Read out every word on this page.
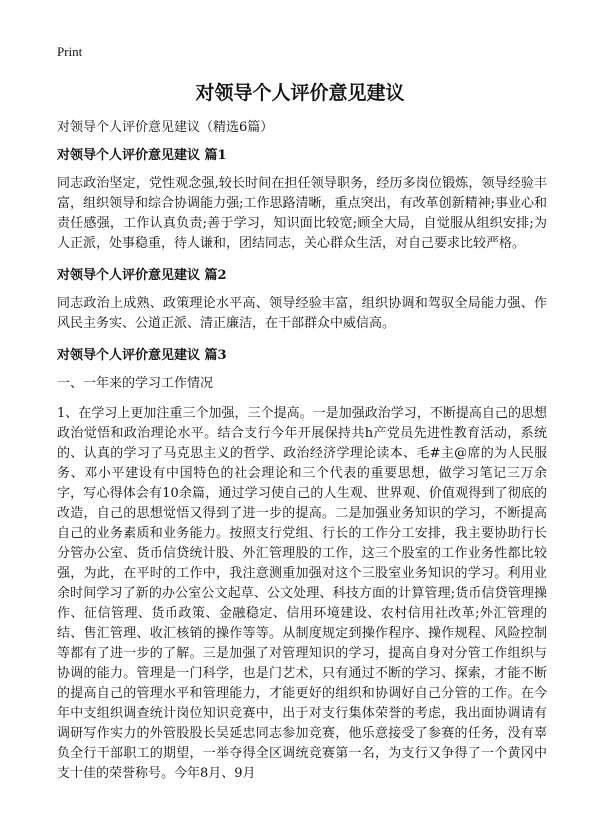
Print
对领导个人评价意见建议
对领导个人评价意见建议（精选6篇）
对领导个人评价意见建议 篇1
同志政治坚定，党性观念强,较长时间在担任领导职务，经历多岗位锻炼，领导经验丰富，组织领导和综合协调能力强;工作思路清晰，重点突出，有改革创新精神;事业心和责任感强，工作认真负责;善于学习，知识面比较宽;顾全大局，自觉服从组织安排;为人正派，处事稳重，待人谦和，团结同志，关心群众生活，对自己要求比较严格。
对领导个人评价意见建议 篇2
同志政治上成熟、政策理论水平高、领导经验丰富，组织协调和驾驭全局能力强、作风民主务实、公道正派、清正廉洁，在干部群众中威信高。
对领导个人评价意见建议 篇3
一、一年来的学习工作情况
1、在学习上更加注重三个加强，三个提高。一是加强政治学习，不断提高自己的思想政治觉悟和政治理论水平。结合支行今年开展保持共h产党员先进性教育活动，系统的、认真的学习了马克思主义的哲学、政治经济学理论读本、毛#主@席的为人民服务、邓小平建设有中国特色的社会理论和三个代表的重要思想，做学习笔记三万余字，写心得体会有10余篇，通过学习使自己的人生观、世界观、价值观得到了彻底的改造，自己的思想觉悟又得到了进一步的提高。二是加强业务知识的学习，不断提高自己的业务素质和业务能力。按照支行党组、行长的工作分工安排，我主要协助行长分管办公室、货币信贷统计股、外汇管理股的工作，这三个股室的工作业务性都比较强，为此，在平时的工作中，我注意测重加强对这个三股室业务知识的学习。利用业余时间学习了新的办公室公文起草、公文处理、科技方面的计算管理;货币信贷管理操作、征信管理、货币政策、金融稳定、信用环境建设、农村信用社改革;外汇管理的结、售汇管理、收汇核销的操作等等。从制度规定到操作程序、操作规程、风险控制等都有了进一步的了解。三是加强了对管理知识的学习，提高自身对分管工作组织与协调的能力。管理是一门科学，也是门艺术，只有通过不断的学习、探索，才能不断的提高自己的管理水平和管理能力，才能更好的组织和协调好自己分管的工作。在今年中支组织调查统计岗位知识竞赛中，出于对支行集体荣誉的考虑，我出面协调请有调研写作实力的外管股股长吴延忠同志参加竞赛，他乐意接受了参赛的任务，没有辜负全行干部职工的期望，一举夺得全区调统竞赛第一名，为支行又争得了一个黄冈中支十佳的荣誉称号。今年8月、9月
